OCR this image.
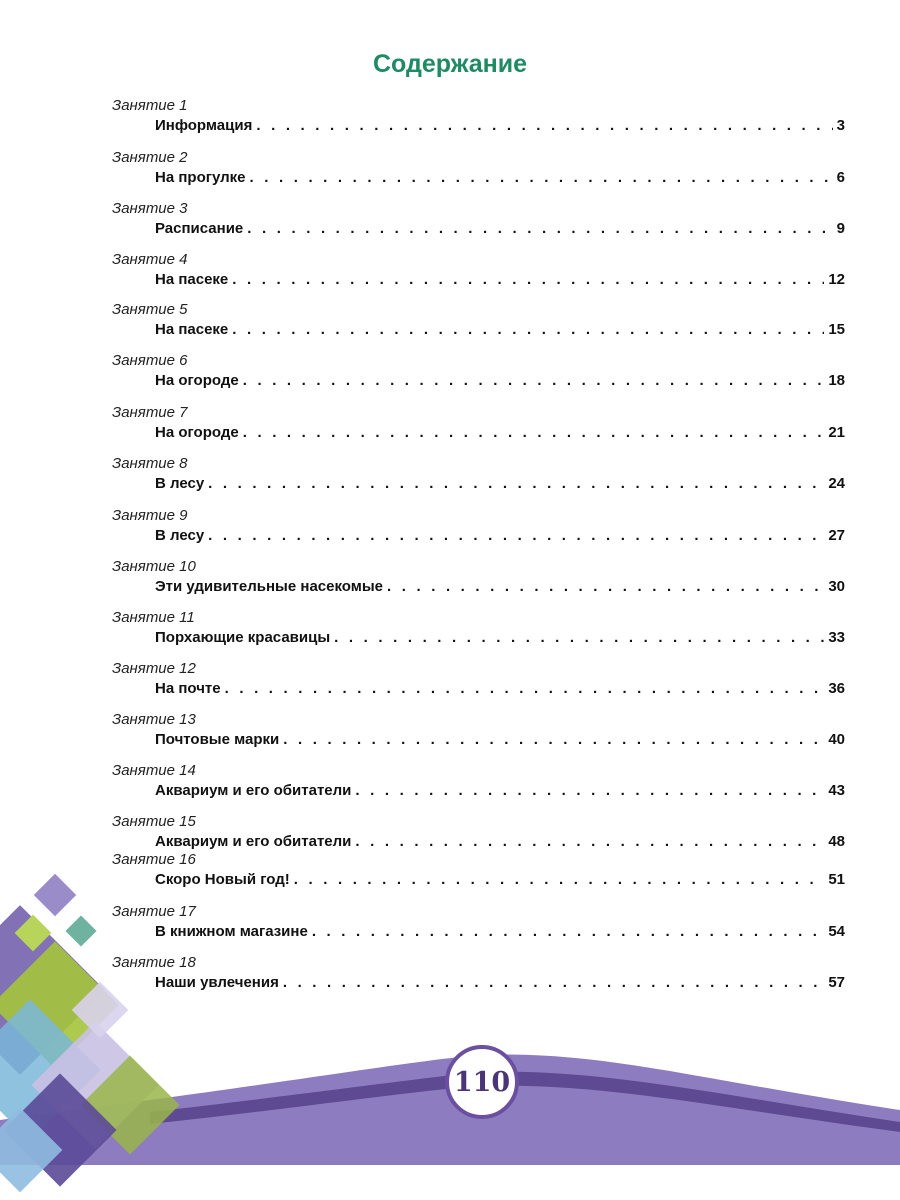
Содержание
Занятие 1
Информация . . .	3
Занятие 2
На прогулке . . .	6
Занятие 3
Расписание . . .	9
Занятие 4
На пасеке . . .	12
Занятие 5
На пасеке . . .	15
Занятие 6
На огороде . . .	18
Занятие 7
На огороде . . .	21
Занятие 8
В лесу . . .	24
Занятие 9
В лесу . . .	27
Занятие 10
Эти удивительные насекомые . . .	30
Занятие 11
Порхающие красавицы . . .	33
Занятие 12
На почте . . .	36
Занятие 13
Почтовые марки . . .	40
Занятие 14
Аквариум и его обитатели . . .	43
Занятие 15
Аквариум и его обитатели . . .	48
Занятие 16
Скоро Новый год! . . .	51
Занятие 17
В книжном магазине . . .	54
Занятие 18
Наши увлечения . . .	57
110
